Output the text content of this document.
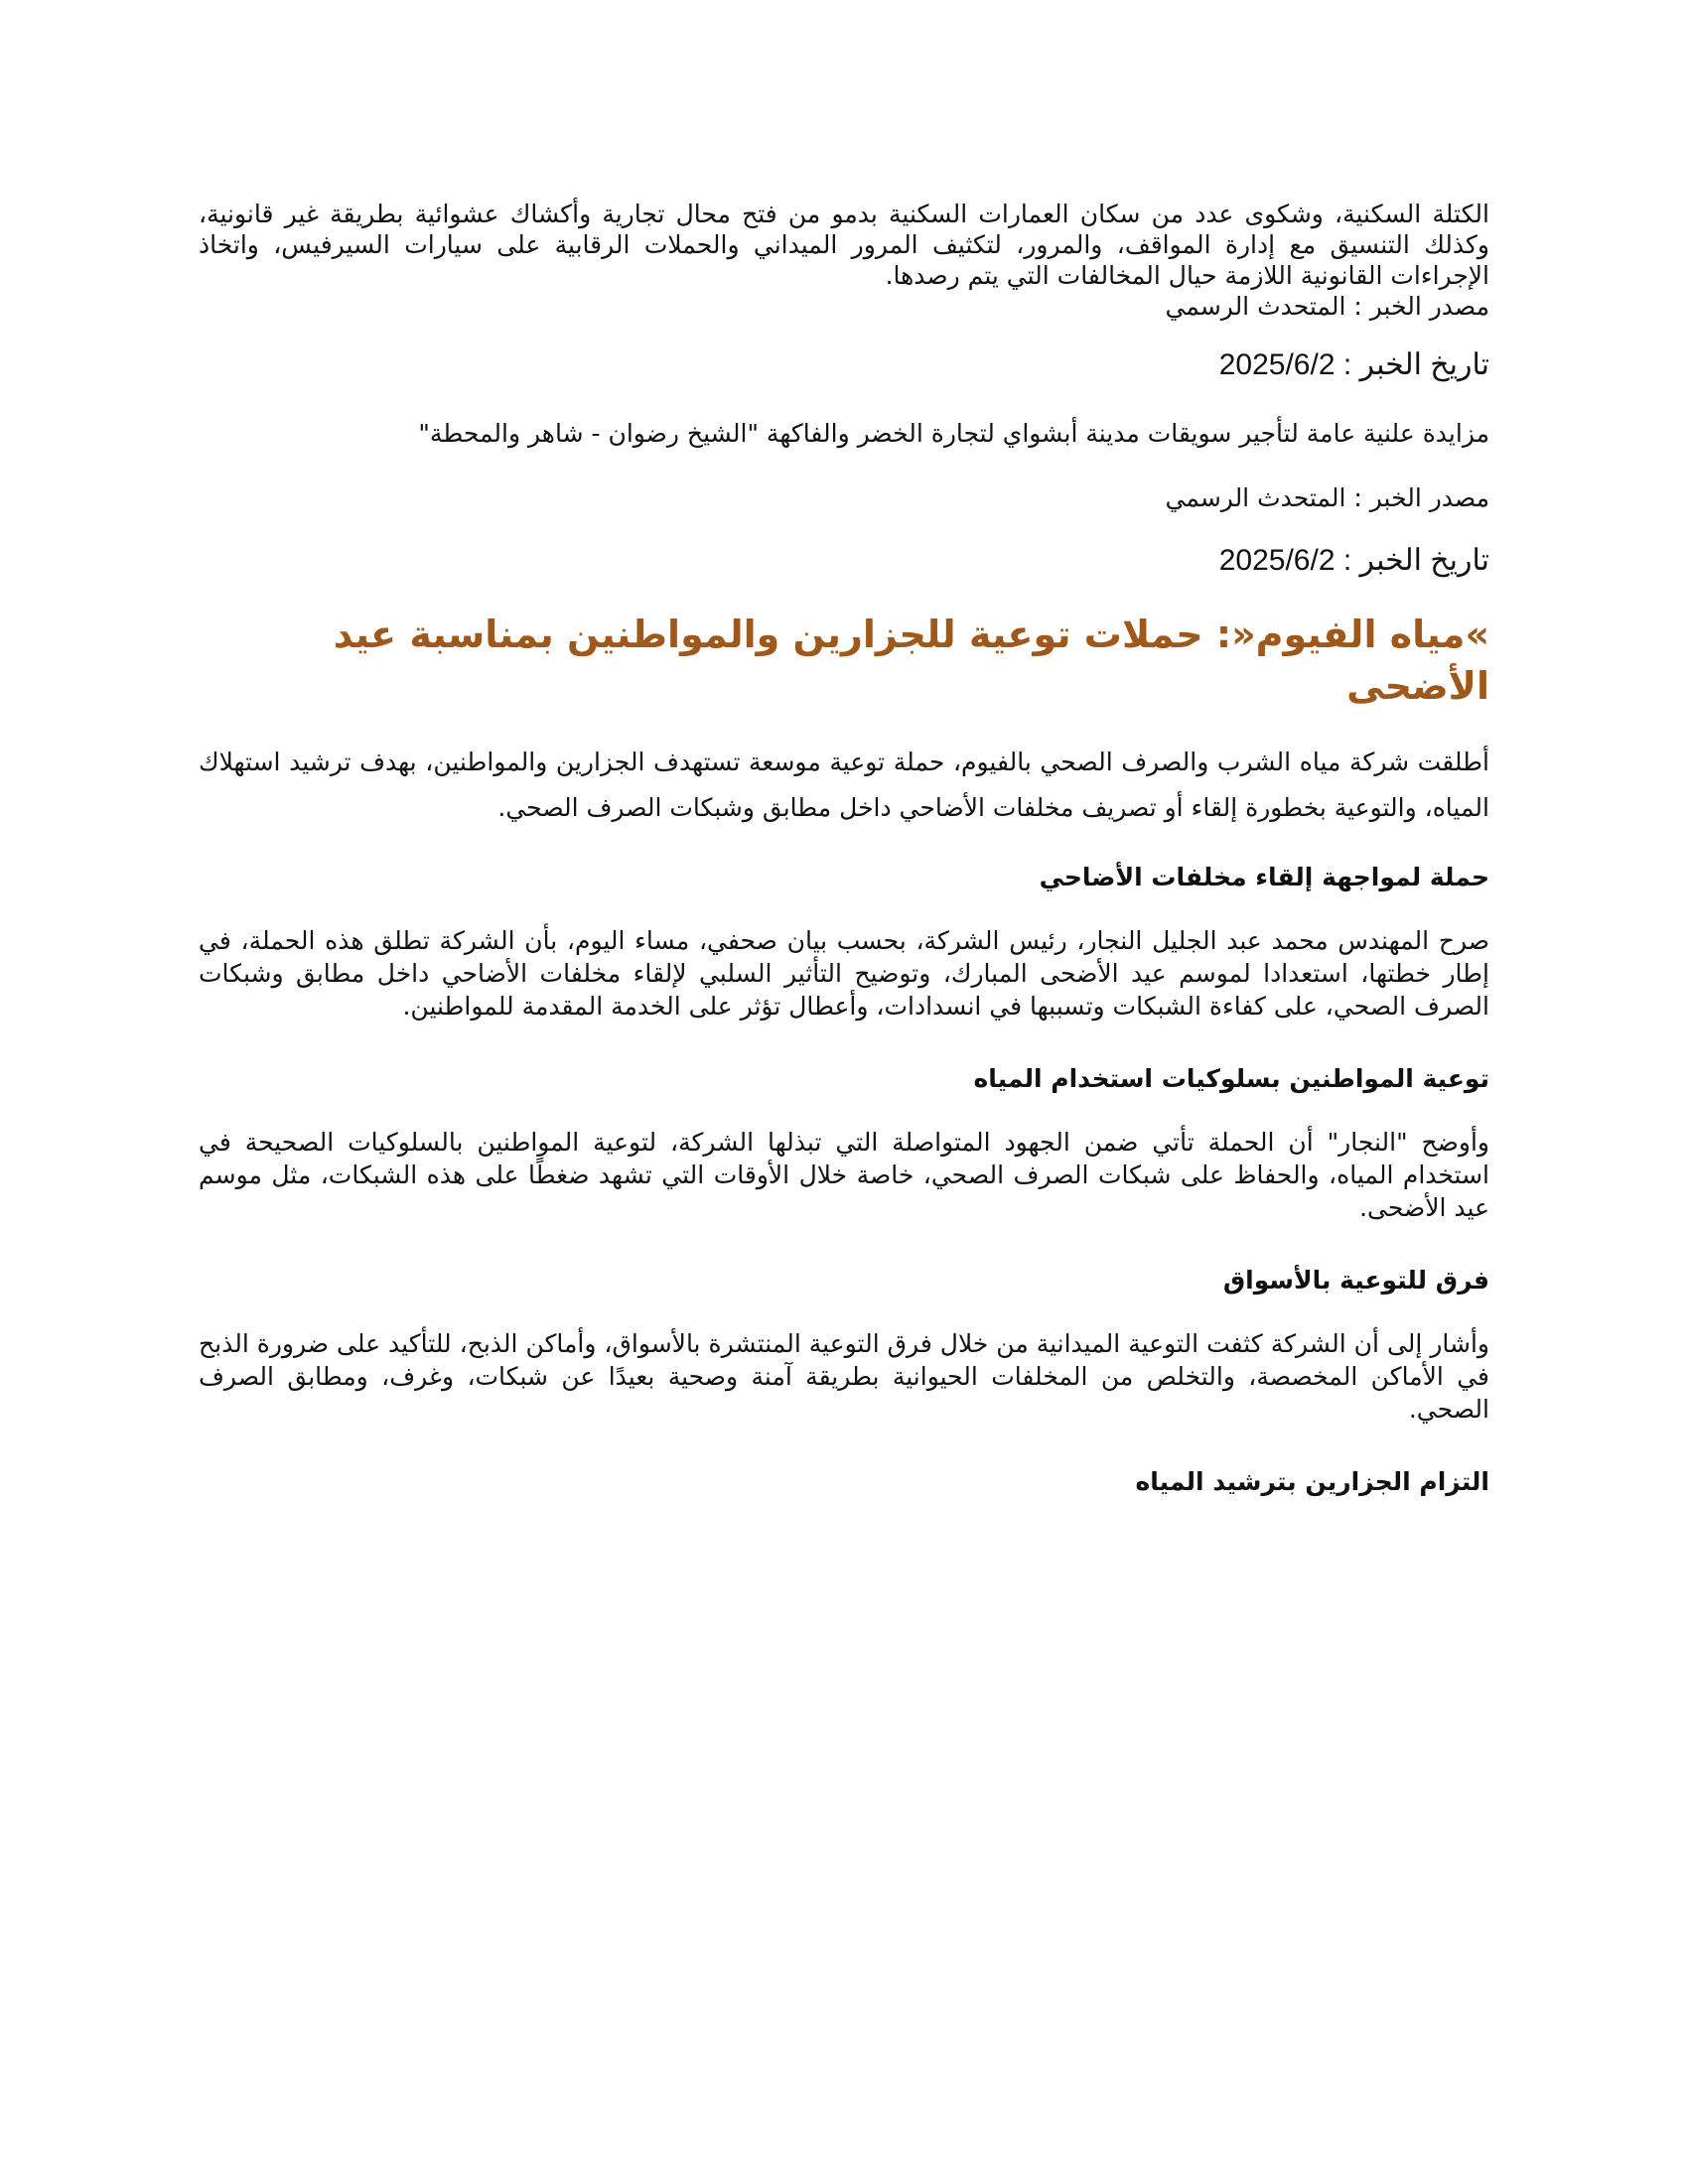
الكتلة السكنية، وشكوى عدد من سكان العمارات السكنية بدمو من فتح محال تجارية وأكشاك عشوائية بطريقة غير قانونية، وكذلك التنسيق مع إدارة المواقف، والمرور، لتكثيف المرور الميداني والحملات الرقابية على سيارات السيرفيس، واتخاذ الإجراءات القانونية اللازمة حيال المخالفات التي يتم رصدها.

مصدر الخبر : المتحدث الرسمي

تاريخ الخبر : 2025/6/2

مزايدة علنية عامة لتأجير سويقات مدينة أبشواي لتجارة الخضر والفاكهة "الشيخ رضوان - شاهر والمحطة"

مصدر الخبر : المتحدث الرسمي

تاريخ الخبر : 2025/6/2

»مياه الفيوم«: حملات توعية للجزارين والمواطنين بمناسبة عيد الأضحى

أطلقت شركة مياه الشرب والصرف الصحي بالفيوم، حملة توعية موسعة تستهدف الجزارين والمواطنين، بهدف ترشيد استهلاك المياه، والتوعية بخطورة إلقاء أو تصريف مخلفات الأضاحي داخل مطابق وشبكات الصرف الصحي.

حملة لمواجهة إلقاء مخلفات الأضاحي

صرح المهندس محمد عبد الجليل النجار، رئيس الشركة، بحسب بيان صحفي، مساء اليوم، بأن الشركة تطلق هذه الحملة، في إطار خطتها، استعدادا لموسم عيد الأضحى المبارك، وتوضيح التأثير السلبي لإلقاء مخلفات الأضاحي داخل مطابق وشبكات الصرف الصحي، على كفاءة الشبكات وتسببها في انسدادات، وأعطال تؤثر على الخدمة المقدمة للمواطنين.

توعية المواطنين بسلوكيات استخدام المياه

وأوضح "النجار" أن الحملة تأتي ضمن الجهود المتواصلة التي تبذلها الشركة، لتوعية المواطنين بالسلوكيات الصحيحة في استخدام المياه، والحفاظ على شبكات الصرف الصحي، خاصة خلال الأوقات التي تشهد ضغطًا على هذه الشبكات، مثل موسم عيد الأضحى.

فرق للتوعية بالأسواق

وأشار إلى أن الشركة كثفت التوعية الميدانية من خلال فرق التوعية المنتشرة بالأسواق، وأماكن الذبح، للتأكيد على ضرورة الذبح في الأماكن المخصصة، والتخلص من المخلفات الحيوانية بطريقة آمنة وصحية بعيدًا عن شبكات، وغرف، ومطابق الصرف الصحي.

التزام الجزارين بترشيد المياه
